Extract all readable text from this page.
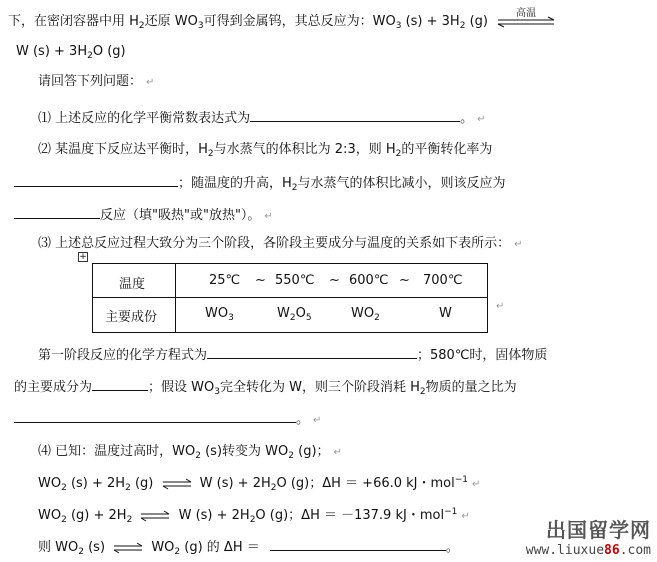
下，在密闭容器中用 $H_2$还原 $WO_3$可得到金属钨，其总反应为：$WO_3$ $(s) + 3H_2$ (g)
高温
W $(s) + 3H_2O$ (g)
请回答下列问题： ↵
⑴ 上述反应的化学平衡常数表达式为	。 ↵
⑵ 某温度下反应达平衡时，$H_2$与水蒸气的体积比为 2:3，则 $H_2$的平衡转化率为
；随温度的升高，$H_2$与水蒸气的体积比减小，则该反应为
反应（填"吸热"或"放热"）。 ↵
⑶ 上述总反应过程大致分为三个阶段，各阶段主要成分与温度的关系如下表所示： ↵
+
温度	25℃ ~ 550℃ ~ 600℃ ~ 700℃
主要成份	$WO_3$	$W_2O_5$	$WO_2$	W	↵
第一阶段反应的化学方程式为	；580℃时，固体物质
的主要成分为	；假设 $WO_3$完全转化为 W，则三个阶段消耗 $H_2$物质的量之比为
。 ↵
⑷ 已知：温度过高时，$WO_2$ (s)转变为 $WO_2$ (g)； ↵
$WO_2$ $(s) + 2H_2$ (g) ⇌ W $(s) + 2H_2O$ (g)；ΔH ＝ +66.0 kJ・mol$^{-1}$ ↵
$WO_2$ $(g) + 2H_2$ ⇌ W $(s) + 2H_2O$ (g)；ΔH ＝ －137.9 kJ・mol$^{-1}$ ↵
则 $WO_2$ (s) ⇌ $WO_2$ (g) 的 ΔH ＝	。
出国留学网
www.liuxue86.com
